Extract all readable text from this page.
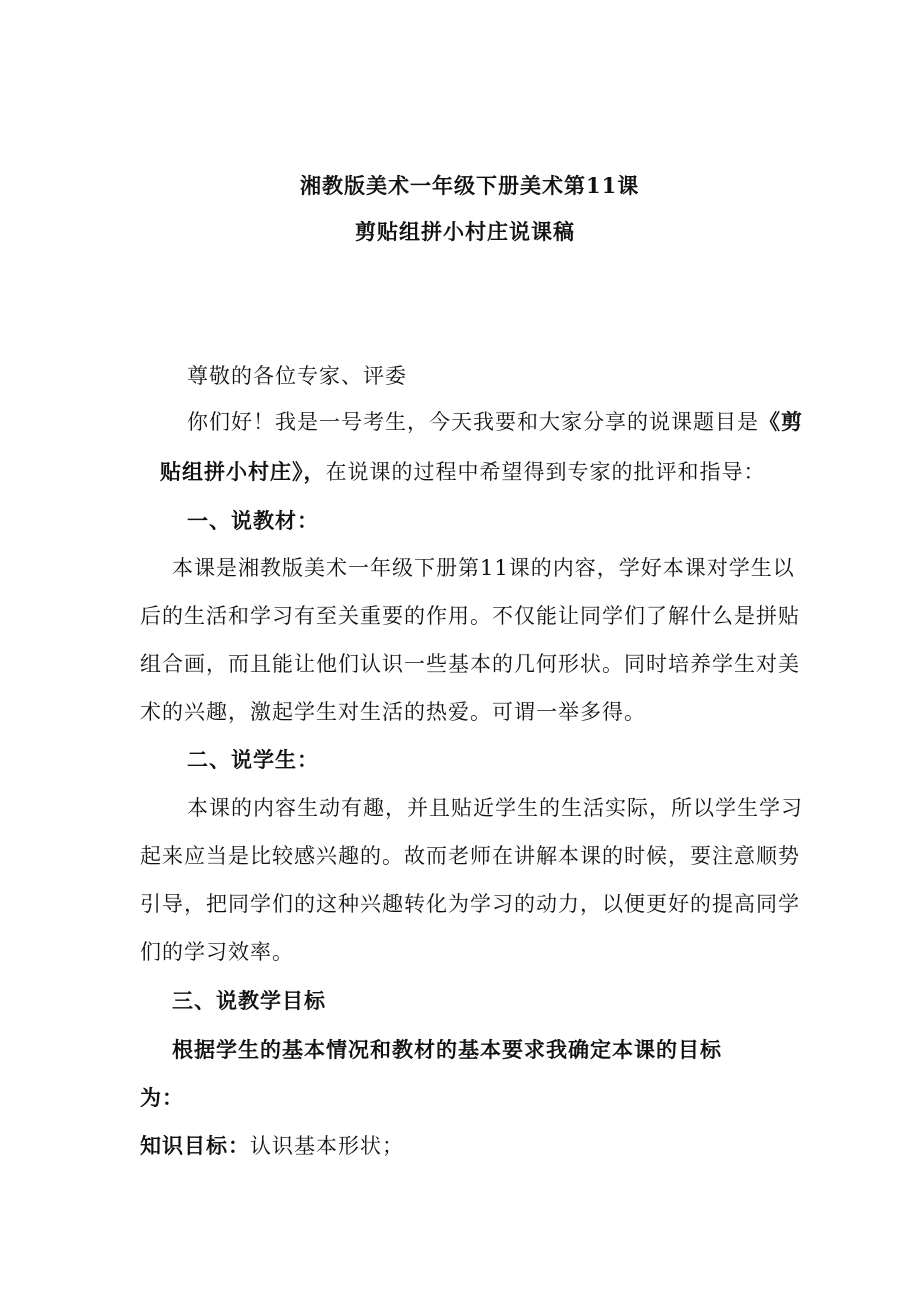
湘教版美术一年级下册美术第11课
剪贴组拼小村庄说课稿
尊敬的各位专家、评委
你们好！我是一号考生，今天我要和大家分享的说课题目是《剪
贴组拼小村庄》，在说课的过程中希望得到专家的批评和指导：
一、说教材：
本课是湘教版美术一年级下册第11课的内容，学好本课对学生以
后的生活和学习有至关重要的作用。不仅能让同学们了解什么是拼贴
组合画，而且能让他们认识一些基本的几何形状。同时培养学生对美
术的兴趣，激起学生对生活的热爱。可谓一举多得。
二、说学生：
本课的内容生动有趣，并且贴近学生的生活实际，所以学生学习
起来应当是比较感兴趣的。故而老师在讲解本课的时候，要注意顺势
引导，把同学们的这种兴趣转化为学习的动力，以便更好的提高同学
们的学习效率。
三、说教学目标
根据学生的基本情况和教材的基本要求我确定本课的目标
为：
知识目标：认识基本形状；
